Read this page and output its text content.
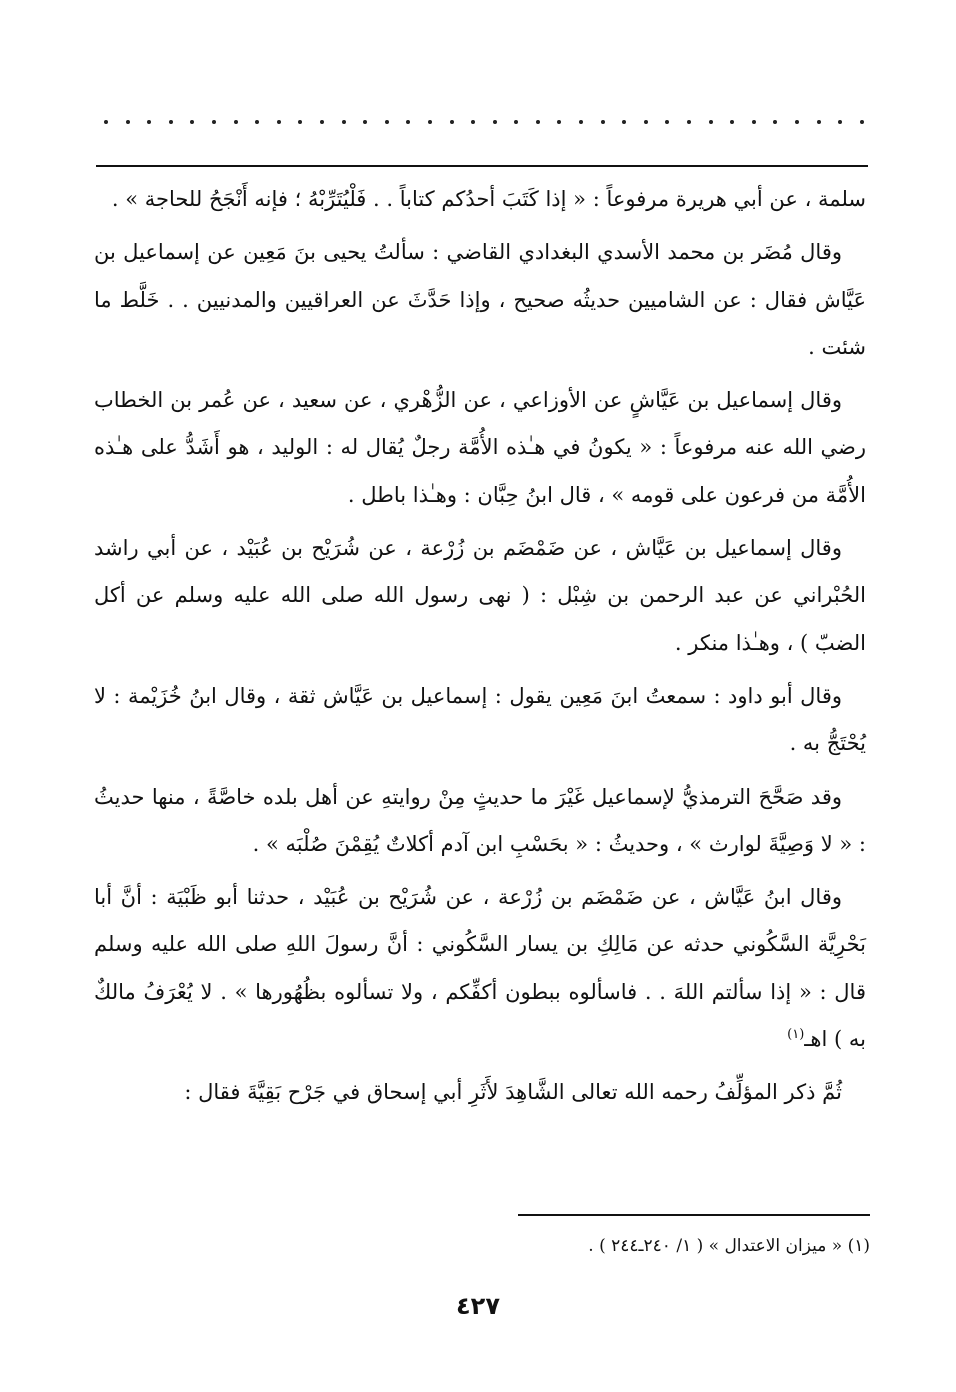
سلمة ، عن أبي هريرة مرفوعاً : « إذا كَتَبَ أحدُكم كتاباً . . فَلْيُتَرِّبْهُ ؛ فإنه أَنْجَحُ للحاجة » .

وقال مُضَر بن محمد الأسدي البغدادي القاضي : سألتُ يحيى بنَ مَعِين عن إسماعيل بن عَيَّاش فقال : عن الشاميين حديثُه صحيح ، وإذا حَدَّثَ عن العراقيين والمدنيين . . خَلَّط ما شئت .

وقال إسماعيل بن عَيَّاشٍ عن الأوزاعي ، عن الزُّهْري ، عن سعيد ، عن عُمر بن الخطاب رضي الله عنه مرفوعاً : « يكونُ في هـٰذه الأُمَّة رجلٌ يُقال له : الوليد ، هو أَشَدُّ على هـٰذه الأُمَّة من فرعون على قومه » ، قال ابنُ حِبَّان : وهـٰذا باطل .

وقال إسماعيل بن عَيَّاش ، عن ضَمْضَم بن زُرْعة ، عن شُرَيْح بن عُبَيْد ، عن أبي راشد الحُبْراني عن عبد الرحمن بن شِبْل : ( نهى رسول الله صلى الله عليه وسلم عن أكل الضبّ ) ، وهـٰذا منكر .

وقال أبو داود : سمعتُ ابنَ مَعِين يقول : إسماعيل بن عَيَّاش ثقة ، وقال ابنُ خُزَيْمة : لا يُحْتَجُّ به .

وقد صَحَّحَ الترمذيُّ لإسماعيل غَيْرَ ما حديثٍ مِنْ روايتهِ عن أهل بلده خاصَّةً ، منها حديثُ : « لا وَصِيَّةَ لوارث » ، وحديثُ : « بحَسْبِ ابن آدم أكلاتٌ يُقِمْنَ صُلْبَه » .

وقال ابنُ عَيَّاش ، عن ضَمْضَم بن زُرْعة ، عن شُرَيْح بن عُبَيْد ، حدثنا أبو ظَبْيَة : أنَّ أبا بَحْرِيَّة السَّكُوني حدثه عن مَالِكِ بن يسار السَّكُوني : أنَّ رسولَ اللهِ صلى الله عليه وسلم قال : « إذا سألتم اللهَ . . فاسألوه ببطون أكفِّكم ، ولا تسألوه بظُهُورها » . لا يُعْرَفُ مالكٌ به ) اهـ$^{(١)}$

ثُمَّ ذكر المؤلِّفُ رحمه الله تعالى الشَّاهِدَ لأَثَرِ أبي إسحاق في جَرْح بَقِيَّةَ فقال :

(١) « ميزان الاعتدال » ( ١/ ٢٤٠ـ٢٤٤ ) .
٤٢٧
